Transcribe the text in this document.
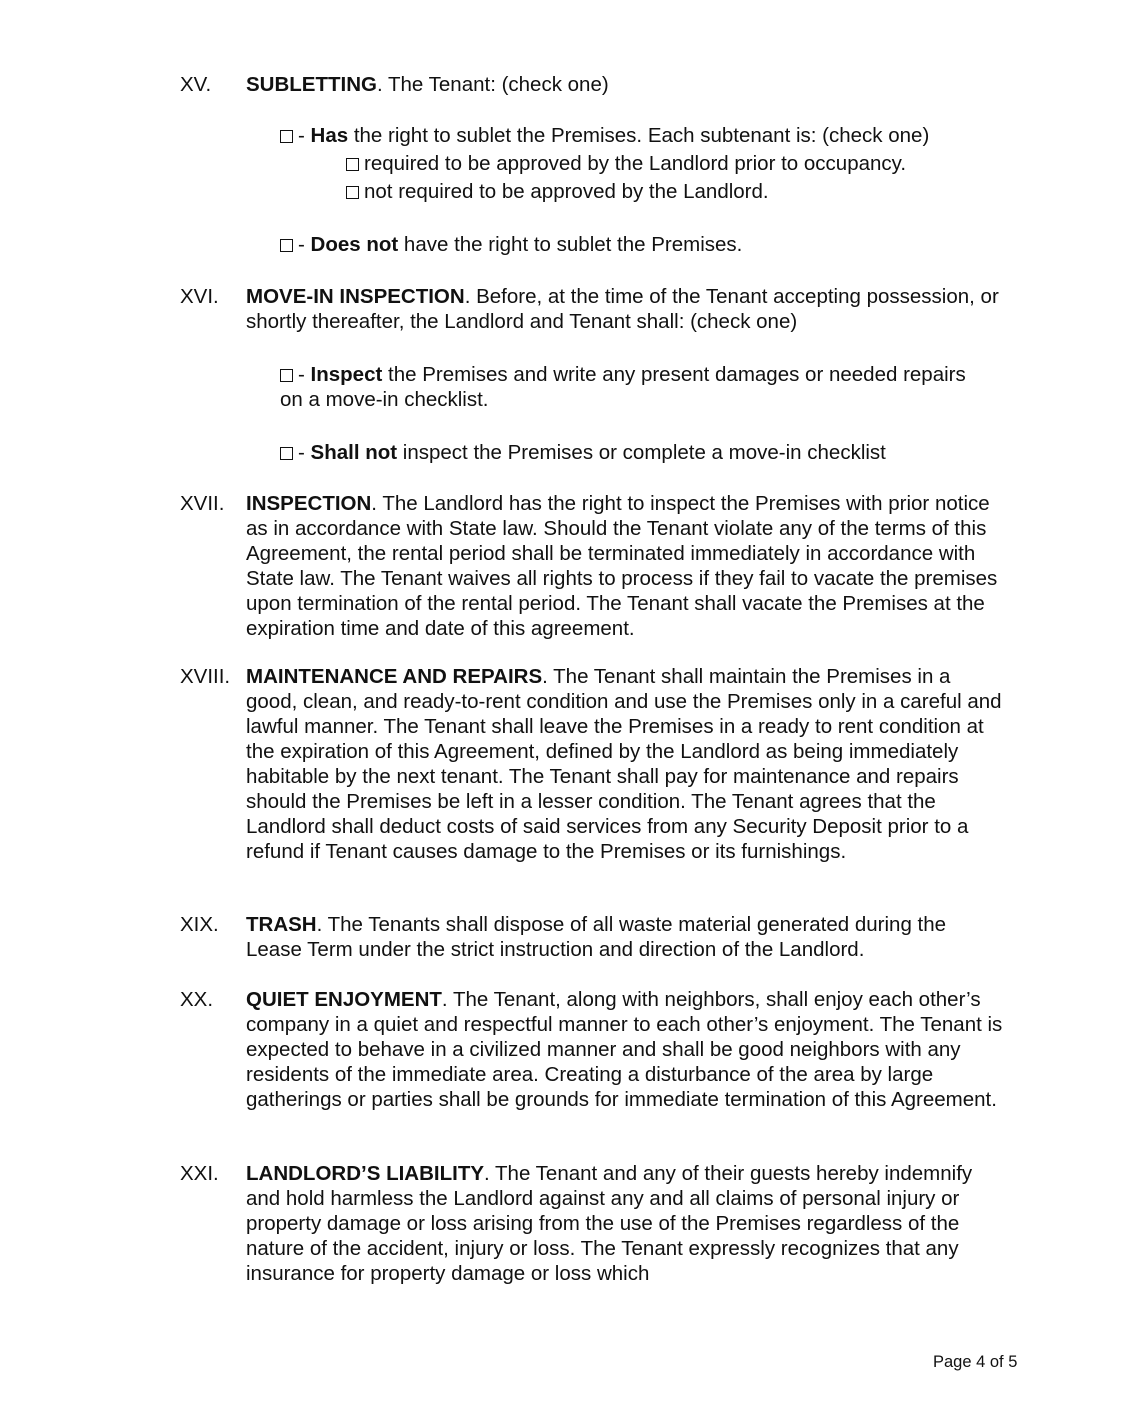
XV.	SUBLETTING. The Tenant: (check one)
- Has the right to sublet the Premises. Each subtenant is: (check one)
required to be approved by the Landlord prior to occupancy.
not required to be approved by the Landlord.
- Does not have the right to sublet the Premises.
XVI.	MOVE-IN INSPECTION. Before, at the time of the Tenant accepting possession, or shortly thereafter, the Landlord and Tenant shall: (check one)
- Inspect the Premises and write any present damages or needed repairs on a move-in checklist.
- Shall not inspect the Premises or complete a move-in checklist
XVII.	INSPECTION. The Landlord has the right to inspect the Premises with prior notice as in accordance with State law. Should the Tenant violate any of the terms of this Agreement, the rental period shall be terminated immediately in accordance with State law. The Tenant waives all rights to process if they fail to vacate the premises upon termination of the rental period. The Tenant shall vacate the Premises at the expiration time and date of this agreement.
XVIII. MAINTENANCE AND REPAIRS. The Tenant shall maintain the Premises in a good, clean, and ready-to-rent condition and use the Premises only in a careful and lawful manner. The Tenant shall leave the Premises in a ready to rent condition at the expiration of this Agreement, defined by the Landlord as being immediately habitable by the next tenant. The Tenant shall pay for maintenance and repairs should the Premises be left in a lesser condition. The Tenant agrees that the Landlord shall deduct costs of said services from any Security Deposit prior to a refund if Tenant causes damage to the Premises or its furnishings.
XIX.	TRASH. The Tenants shall dispose of all waste material generated during the Lease Term under the strict instruction and direction of the Landlord.
XX.	QUIET ENJOYMENT. The Tenant, along with neighbors, shall enjoy each other’s company in a quiet and respectful manner to each other’s enjoyment. The Tenant is expected to behave in a civilized manner and shall be good neighbors with any residents of the immediate area. Creating a disturbance of the area by large gatherings or parties shall be grounds for immediate termination of this Agreement.
XXI.	LANDLORD’S LIABILITY. The Tenant and any of their guests hereby indemnify and hold harmless the Landlord against any and all claims of personal injury or property damage or loss arising from the use of the Premises regardless of the nature of the accident, injury or loss. The Tenant expressly recognizes that any insurance for property damage or loss which
Page 4 of 5
